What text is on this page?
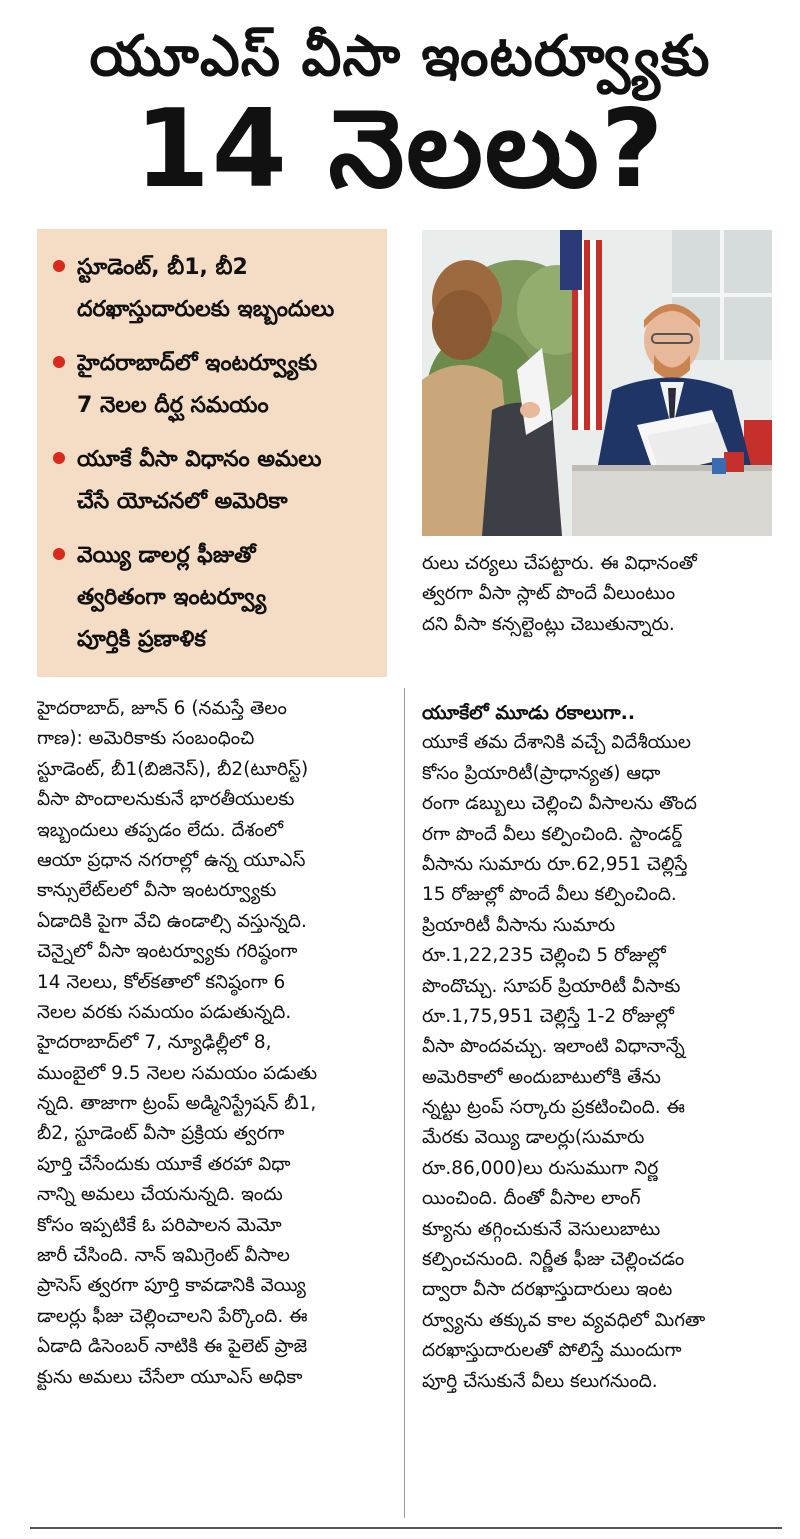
యూఎస్‌ వీసా ఇంటర్వ్యూకు
14 నెలలు?
స్టూడెంట్, బీ1, బీ2
దరఖాస్తుదారులకు ఇబ్బందులు
హైదరాబాద్‌లో ఇంటర్వ్యూకు
7 నెలల దీర్ఘ సమయం
యూకే వీసా విధానం అమలు
చేసే యోచనలో అమెరికా
వెయ్యి డాలర్ల ఫీజుతో
త్వరితంగా ఇంటర్వ్యూ
పూర్తికి ప్రణాళిక
రులు చర్యలు చేపట్టారు. ఈ విధానంతో
త్వరగా వీసా స్లాట్ పొందే వీలుంటుం
దని వీసా కన్సల్టెంట్లు చెబుతున్నారు.
హైదరాబాద్, జూన్ 6 (నమస్తే తెలం
గాణ): అమెరికాకు సంబంధించి
స్టూడెంట్, బీ1(బిజినెస్), బీ2(టూరిస్ట్)
వీసా పొందాలనుకునే భారతీయులకు
ఇబ్బందులు తప్పడం లేదు. దేశంలో
ఆయా ప్రధాన నగరాల్లో ఉన్న యూఎస్
కాన్సులేట్‌లలో వీసా ఇంటర్వ్యూకు
ఏడాదికి పైగా వేచి ఉండాల్సి వస్తున్నది.
చెన్నైలో వీసా ఇంటర్వ్యూకు గరిష్ఠంగా
14 నెలలు, కోల్‌కతాలో కనిష్ఠంగా 6
నెలల వరకు సమయం పడుతున్నది.
హైదరాబాద్‌లో 7, న్యూఢిల్లీలో 8,
ముంబైలో 9.5 నెలల సమయం పడుతు
న్నది. తాజాగా ట్రంప్ అడ్మినిస్ట్రేషన్ బీ1,
బీ2, స్టూడెంట్ వీసా ప్రక్రియ త్వరగా
పూర్తి చేసేందుకు యూకే తరహా విధా
నాన్ని అమలు చేయనున్నది. ఇందు
కోసం ఇప్పటికే ఓ పరిపాలన మెమో
జారీ చేసింది. నాన్ ఇమిగ్రెంట్ వీసాల
ప్రాసెస్ త్వరగా పూర్తి కావడానికి వెయ్యి
డాలర్లు ఫీజు చెల్లించాలని పేర్కొంది. ఈ
ఏడాది డిసెంబర్ నాటికి ఈ పైలెట్ ప్రాజె
క్టును అమలు చేసేలా యూఎస్ అధికా
యూకేలో మూడు రకాలుగా..
యూకే తమ దేశానికి వచ్చే విదేశీయుల
కోసం ప్రియారిటీ(ప్రాధాన్యత) ఆధా
రంగా డబ్బులు చెల్లించి వీసాలను తొంద
రగా పొందే వీలు కల్పించింది. స్టాండర్డ్
వీసాను సుమారు రూ.62,951 చెల్లిస్తే
15 రోజుల్లో పొందే వీలు కల్పించింది.
ప్రియారిటీ వీసాను సుమారు
రూ.1,22,235 చెల్లించి 5 రోజుల్లో
పొందొచ్చు. సూపర్ ప్రియారిటీ వీసాకు
రూ.1,75,951 చెల్లిస్తే 1-2 రోజుల్లో
వీసా పొందవచ్చు. ఇలాంటి విధానాన్నే
అమెరికాలో అందుబాటులోకి తేను
న్నట్టు ట్రంప్ సర్కారు ప్రకటించింది. ఈ
మేరకు వెయ్యి డాలర్లు(సుమారు
రూ.86,000)లు రుసుముగా నిర్ణ
యించింది. దీంతో వీసాల లాంగ్
క్యూను తగ్గించుకునే వెసులుబాటు
కల్పించనుంది. నిర్ణీత ఫీజు చెల్లించడం
ద్వారా వీసా దరఖాస్తుదారులు ఇంట
ర్వ్యూను తక్కువ కాల వ్యవధిలో మిగతా
దరఖాస్తుదారులతో పోలిస్తే ముందుగా
పూర్తి చేసుకునే వీలు కలుగనుంది.
